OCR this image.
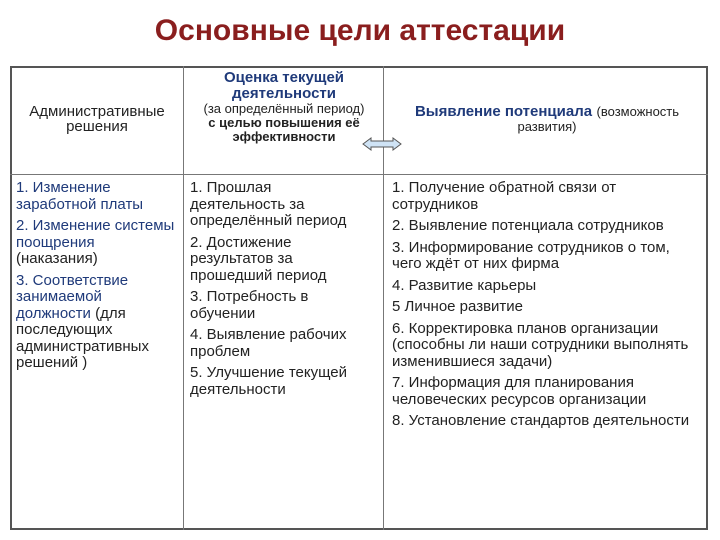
Основные цели аттестации
Административные
решения
Оценка текущей деятельности
(за определённый период) с целью повышения её эффективности
Выявление потенциала (возможность развития)
1. Изменение заработной платы
2. Изменение системы поощрения (наказания)
3. Соответствие занимаемой должности (для последующих административных решений )
1. Прошлая деятельность за определённый период
2. Достижение результатов за прошедший период
3. Потребность в обучении
4. Выявление рабочих проблем
5. Улучшение текущей деятельности
1. Получение обратной связи от сотрудников
2. Выявление потенциала сотрудников
3. Информирование сотрудников о том, чего ждёт от них фирма
4. Развитие карьеры
5 Личное развитие
6. Корректировка планов организации (способны ли наши сотрудники выполнять изменившиеся задачи)
7. Информация для планирования человеческих ресурсов организации
8. Установление стандартов деятельности
